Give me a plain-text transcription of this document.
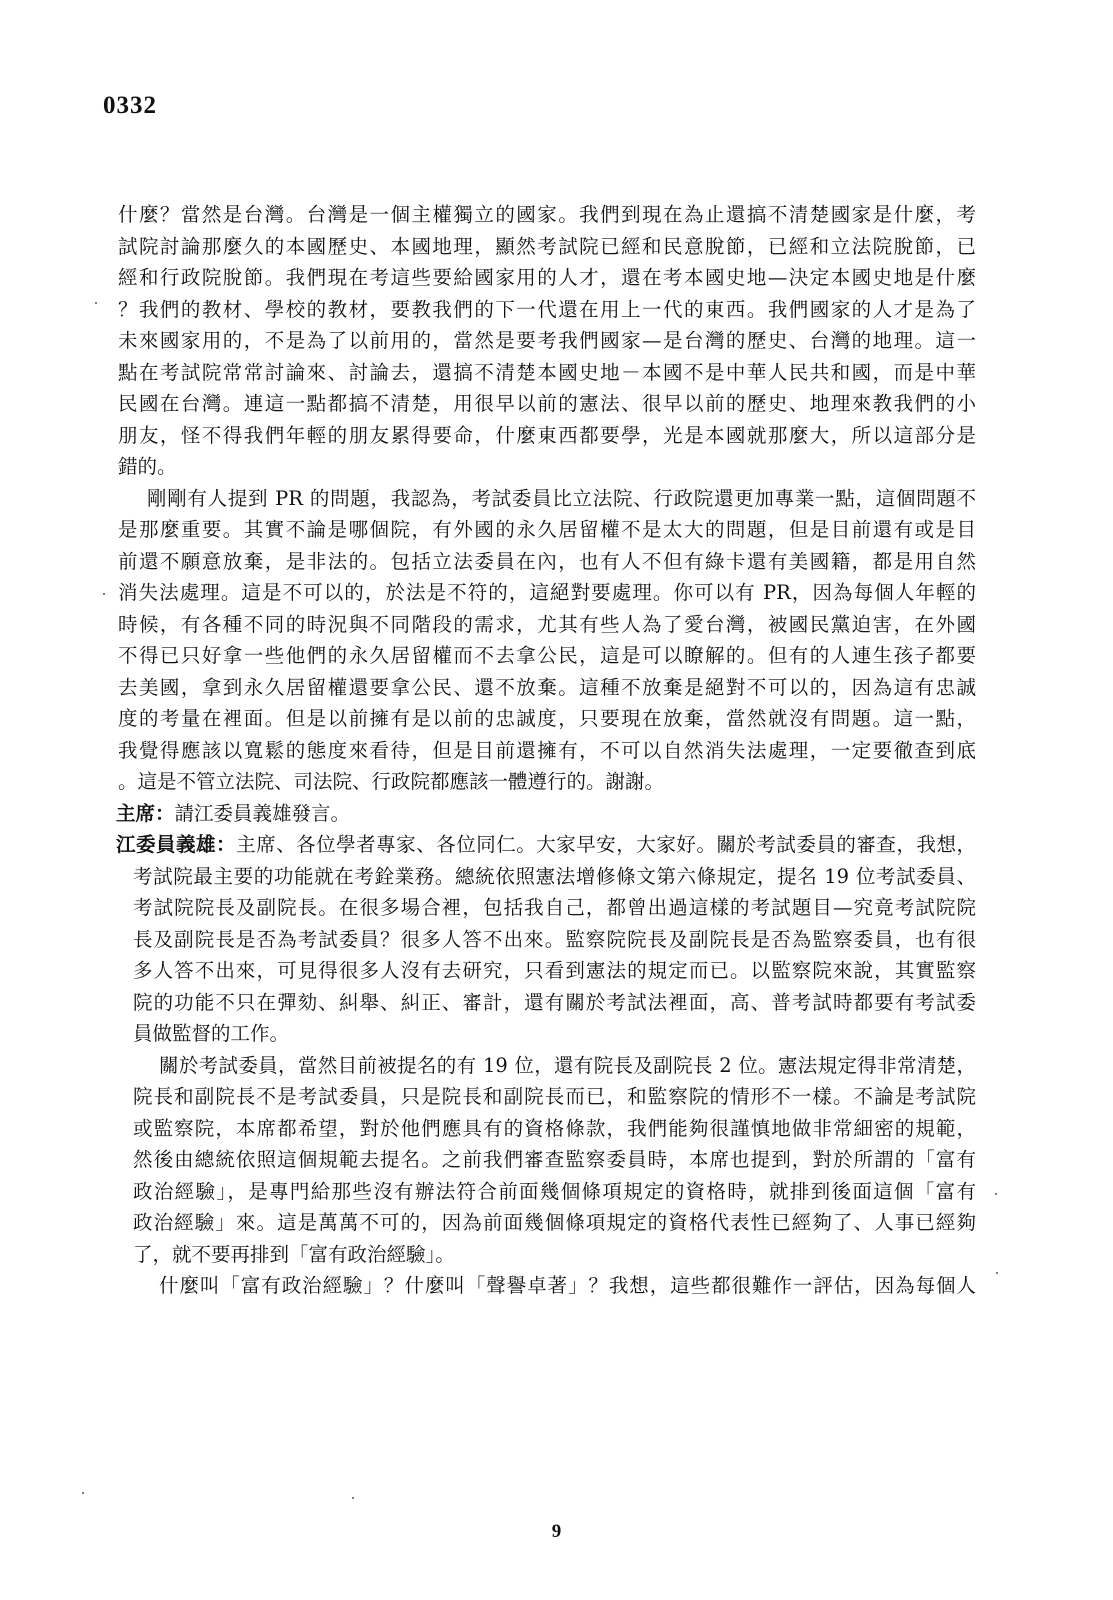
0332
什麼？當然是台灣。台灣是一個主權獨立的國家。我們到現在為止還搞不清楚國家是什麼，考
試院討論那麼久的本國歷史、本國地理，顯然考試院已經和民意脫節，已經和立法院脫節，已
經和行政院脫節。我們現在考這些要給國家用的人才，還在考本國史地—決定本國史地是什麼
？我們的教材、學校的教材，要教我們的下一代還在用上一代的東西。我們國家的人才是為了
未來國家用的，不是為了以前用的，當然是要考我們國家—是台灣的歷史、台灣的地理。這一
點在考試院常常討論來、討論去，還搞不清楚本國史地－本國不是中華人民共和國，而是中華
民國在台灣。連這一點都搞不清楚，用很早以前的憲法、很早以前的歷史、地理來教我們的小
朋友，怪不得我們年輕的朋友累得要命，什麼東西都要學，光是本國就那麼大，所以這部分是
錯的。
剛剛有人提到 PR 的問題，我認為，考試委員比立法院、行政院還更加專業一點，這個問題不
是那麼重要。其實不論是哪個院，有外國的永久居留權不是太大的問題，但是目前還有或是目
前還不願意放棄，是非法的。包括立法委員在內，也有人不但有綠卡還有美國籍，都是用自然
消失法處理。這是不可以的，於法是不符的，這絕對要處理。你可以有 PR，因為每個人年輕的
時候，有各種不同的時況與不同階段的需求，尤其有些人為了愛台灣，被國民黨迫害，在外國
不得已只好拿一些他們的永久居留權而不去拿公民，這是可以瞭解的。但有的人連生孩子都要
去美國，拿到永久居留權還要拿公民、還不放棄。這種不放棄是絕對不可以的，因為這有忠誠
度的考量在裡面。但是以前擁有是以前的忠誠度，只要現在放棄，當然就沒有問題。這一點，
我覺得應該以寬鬆的態度來看待，但是目前還擁有，不可以自然消失法處理，一定要徹查到底
。這是不管立法院、司法院、行政院都應該一體遵行的。謝謝。
主席：請江委員義雄發言。
江委員義雄：主席、各位學者專家、各位同仁。大家早安，大家好。關於考試委員的審查，我想，
考試院最主要的功能就在考銓業務。總統依照憲法增修條文第六條規定，提名 19 位考試委員、
考試院院長及副院長。在很多場合裡，包括我自己，都曾出過這樣的考試題目—究竟考試院院
長及副院長是否為考試委員？很多人答不出來。監察院院長及副院長是否為監察委員，也有很
多人答不出來，可見得很多人沒有去研究，只看到憲法的規定而已。以監察院來說，其實監察
院的功能不只在彈劾、糾舉、糾正、審計，還有關於考試法裡面，高、普考試時都要有考試委
員做監督的工作。
關於考試委員，當然目前被提名的有 19 位，還有院長及副院長 2 位。憲法規定得非常清楚，
院長和副院長不是考試委員，只是院長和副院長而已，和監察院的情形不一樣。不論是考試院
或監察院，本席都希望，對於他們應具有的資格條款，我們能夠很謹慎地做非常細密的規範，
然後由總統依照這個規範去提名。之前我們審查監察委員時，本席也提到，對於所謂的「富有
政治經驗」，是專門給那些沒有辦法符合前面幾個條項規定的資格時，就排到後面這個「富有
政治經驗」來。這是萬萬不可的，因為前面幾個條項規定的資格代表性已經夠了、人事已經夠
了，就不要再排到「富有政治經驗」。
什麼叫「富有政治經驗」？什麼叫「聲譽卓著」？我想，這些都很難作一評估，因為每個人
9
